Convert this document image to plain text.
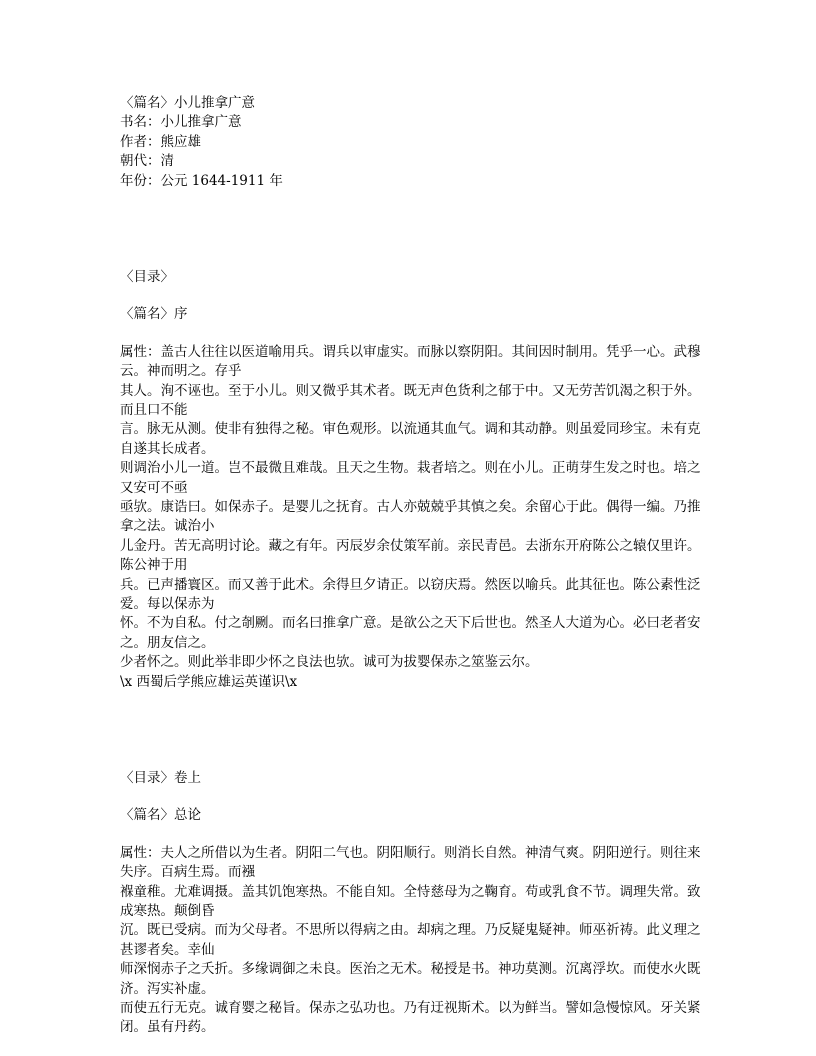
〈篇名〉小儿推拿广意
书名：小儿推拿广意
作者：熊应雄
朝代：清
年份：公元 1644-1911 年
〈目录〉
〈篇名〉序

属性：盖古人往往以医道喻用兵。谓兵以审虚实。而脉以察阴阳。其间因时制用。凭乎一心。武穆云。神而明之。存乎

其人。洵不诬也。至于小儿。则又微乎其术者。既无声色货利之郁于中。又无劳苦饥渴之积于外。而且口不能

言。脉无从测。使非有独得之秘。审色观形。以流通其血气。调和其动静。则虽爱同珍宝。未有克自遂其长成者。

则调治小儿一道。岂不最微且难哉。且天之生物。栽者培之。则在小儿。正萌芽生发之时也。培之又安可不亟

亟欤。康诰曰。如保赤子。是婴儿之抚育。古人亦兢兢乎其慎之矣。余留心于此。偶得一编。乃推拿之法。诚治小

儿金丹。苦无高明讨论。藏之有年。丙辰岁余仗策军前。亲民青邑。去浙东开府陈公之辕仅里许。陈公神于用

兵。已声播寰区。而又善于此术。余得旦夕请正。以窃庆焉。然医以喻兵。此其征也。陈公素性泛爱。每以保赤为

怀。不为自私。付之剞劂。而名曰推拿广意。是欲公之天下后世也。然圣人大道为心。必曰老者安之。朋友信之。

少者怀之。则此举非即少怀之良法也欤。诚可为拔婴保赤之筮鉴云尔。

\x 西蜀后学熊应雄运英谨识\x

〈目录〉卷上
〈篇名〉总论

属性：夫人之所借以为生者。阴阳二气也。阴阳顺行。则消长自然。神清气爽。阴阳逆行。则往来失序。百病生焉。而襁

褓童稚。尤难调摄。盖其饥饱寒热。不能自知。全恃慈母为之鞠育。苟或乳食不节。调理失常。致成寒热。颠倒昏

沉。既已受病。而为父母者。不思所以得病之由。却病之理。乃反疑鬼疑神。师巫祈祷。此义理之甚谬者矣。幸仙

师深悯赤子之夭折。多缘调御之未良。医治之无术。秘授是书。神功莫测。沉离浮坎。而使水火既济。泻实补虚。

而使五行无克。诚育婴之秘旨。保赤之弘功也。乃有迂视斯术。以为鲜当。譬如急慢惊风。牙关紧闭。虽有丹药。
